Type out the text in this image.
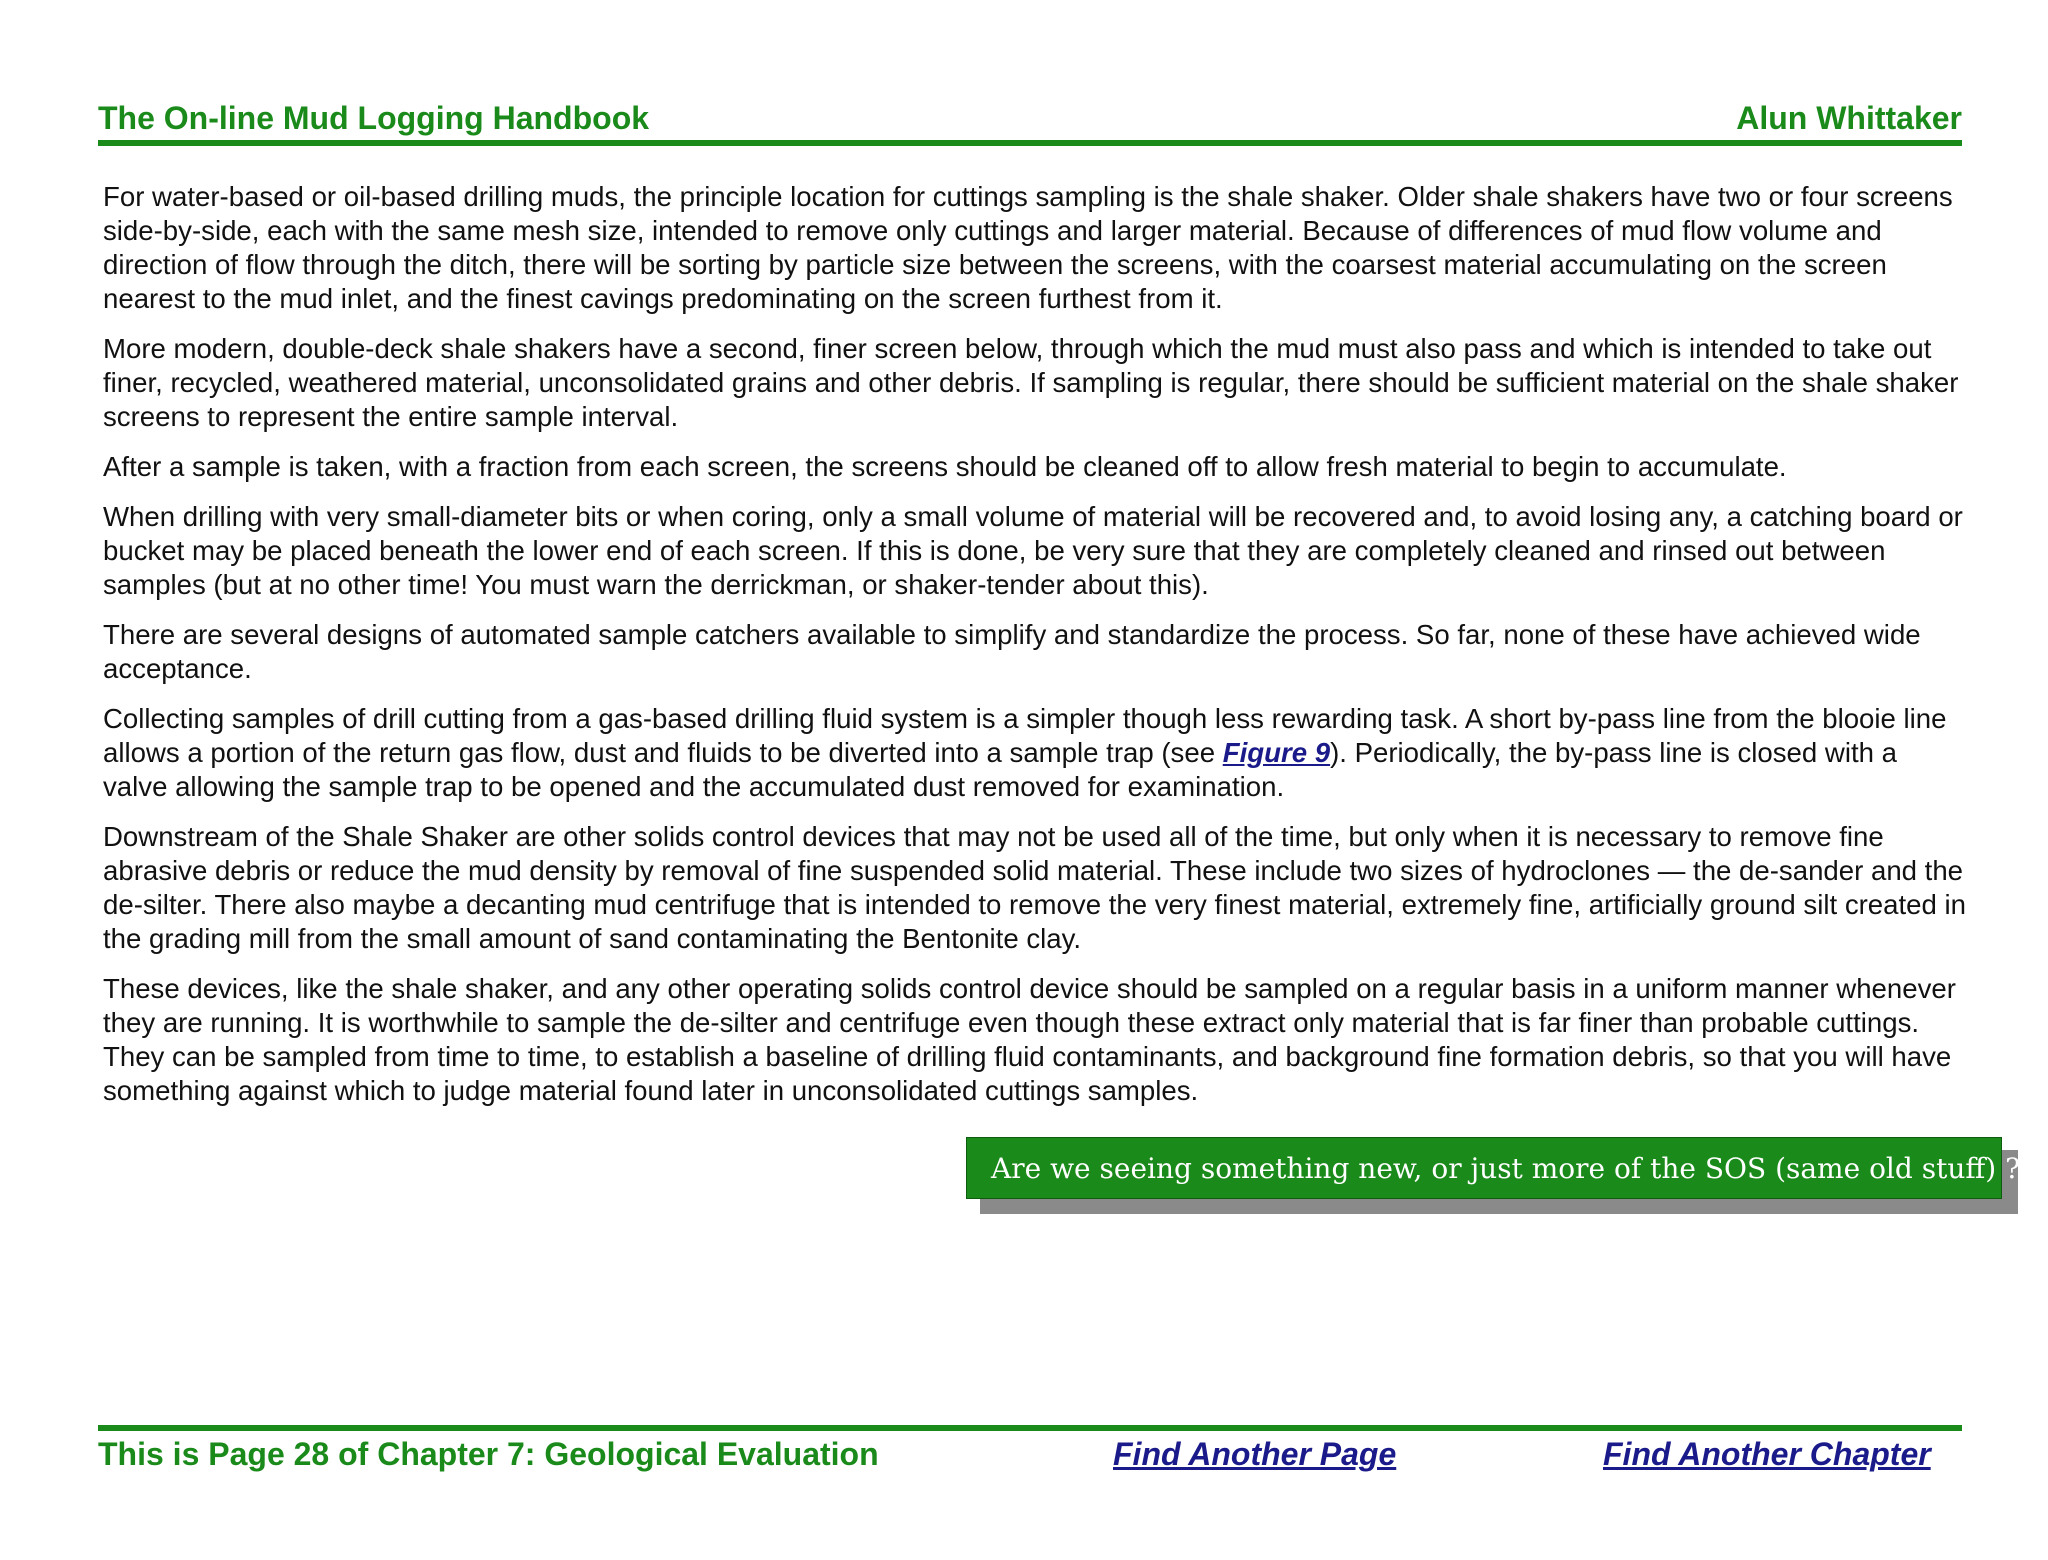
The On-line Mud Logging Handbook	Alun Whittaker

For water-based or oil-based drilling muds, the principle location for cuttings sampling is the shale shaker. Older shale shakers have two or four screens side-by-side, each with the same mesh size, intended to remove only cuttings and larger material. Because of differences of mud flow volume and direction of flow through the ditch, there will be sorting by particle size between the screens, with the coarsest material accumulating on the screen nearest to the mud inlet, and the finest cavings predominating on the screen furthest from it.

More modern, double-deck shale shakers have a second, finer screen below, through which the mud must also pass and which is intended to take out finer, recycled, weathered material, unconsolidated grains and other debris. If sampling is regular, there should be sufficient material on the shale shaker screens to represent the entire sample interval.

After a sample is taken, with a fraction from each screen, the screens should be cleaned off to allow fresh material to begin to accumulate.

When drilling with very small-diameter bits or when coring, only a small volume of material will be recovered and, to avoid losing any, a catching board or bucket may be placed beneath the lower end of each screen. If this is done, be very sure that they are completely cleaned and rinsed out between samples (but at no other time! You must warn the derrickman, or shaker-tender about this).

There are several designs of automated sample catchers available to simplify and standardize the process. So far, none of these have achieved wide acceptance.

Collecting samples of drill cutting from a gas-based drilling fluid system is a simpler though less rewarding task. A short by-pass line from the blooie line allows a portion of the return gas flow, dust and fluids to be diverted into a sample trap (see Figure 9). Periodically, the by-pass line is closed with a valve allowing the sample trap to be opened and the accumulated dust removed for examination.

Downstream of the Shale Shaker are other solids control devices that may not be used all of the time, but only when it is necessary to remove fine abrasive debris or reduce the mud density by removal of fine suspended solid material. These include two sizes of hydroclones — the de-sander and the de-silter. There also maybe a decanting mud centrifuge that is intended to remove the very finest material, extremely fine, artificially ground silt created in the grading mill from the small amount of sand contaminating the Bentonite clay.

These devices, like the shale shaker, and any other operating solids control device should be sampled on a regular basis in a uniform manner whenever they are running. It is worthwhile to sample the de-silter and centrifuge even though these extract only material that is far finer than probable cuttings. They can be sampled from time to time, to establish a baseline of drilling fluid contaminants, and background fine formation debris, so that you will have something against which to judge material found later in unconsolidated cuttings samples.

Are we seeing something new, or just more of the SOS (same old stuff) ?
This is Page 28 of Chapter 7: Geological Evaluation	Find Another Page	Find Another Chapter
